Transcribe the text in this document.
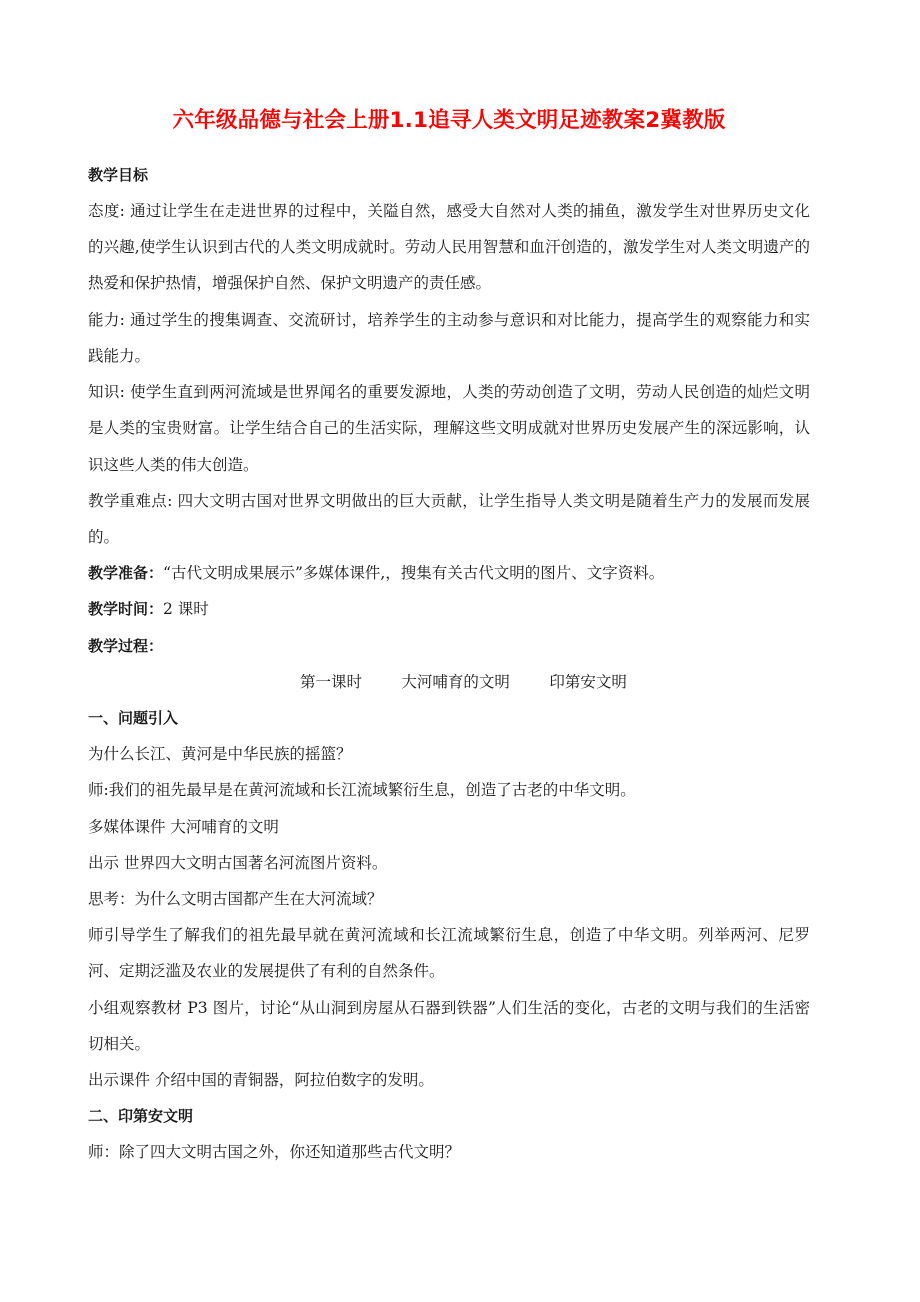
六年级品德与社会上册1.1追寻人类文明足迹教案2冀教版

教学目标

态度: 通过让学生在走进世界的过程中，关隘自然，感受大自然对人类的捕鱼，激发学生对世界历史文化的兴趣,使学生认识到古代的人类文明成就时。劳动人民用智慧和血汗创造的，激发学生对人类文明遗产的热爱和保护热情，增强保护自然、保护文明遗产的责任感。

能力: 通过学生的搜集调查、交流研讨，培养学生的主动参与意识和对比能力，提高学生的观察能力和实践能力。

知识: 使学生直到两河流域是世界闻名的重要发源地，人类的劳动创造了文明，劳动人民创造的灿烂文明是人类的宝贵财富。让学生结合自己的生活实际，理解这些文明成就对世界历史发展产生的深远影响，认识这些人类的伟大创造。

教学重难点: 四大文明古国对世界文明做出的巨大贡献，让学生指导人类文明是随着生产力的发展而发展的。

教学准备：“古代文明成果展示”多媒体课件,，搜集有关古代文明的图片、文字资料。

教学时间：2 课时

教学过程：

第一课时        大河哺育的文明        印第安文明

一、问题引入

为什么长江、黄河是中华民族的摇篮？

师:我们的祖先最早是在黄河流域和长江流域繁衍生息，创造了古老的中华文明。

多媒体课件 大河哺育的文明

出示 世界四大文明古国著名河流图片资料。

思考：为什么文明古国都产生在大河流域？

师引导学生了解我们的祖先最早就在黄河流域和长江流域繁衍生息，创造了中华文明。列举两河、尼罗河、定期泛滥及农业的发展提供了有利的自然条件。

小组观察教材 P3 图片，讨论“从山洞到房屋从石器到铁器”人们生活的变化，古老的文明与我们的生活密切相关。

出示课件 介绍中国的青铜器，阿拉伯数字的发明。

二、印第安文明

师：除了四大文明古国之外，你还知道那些古代文明？
